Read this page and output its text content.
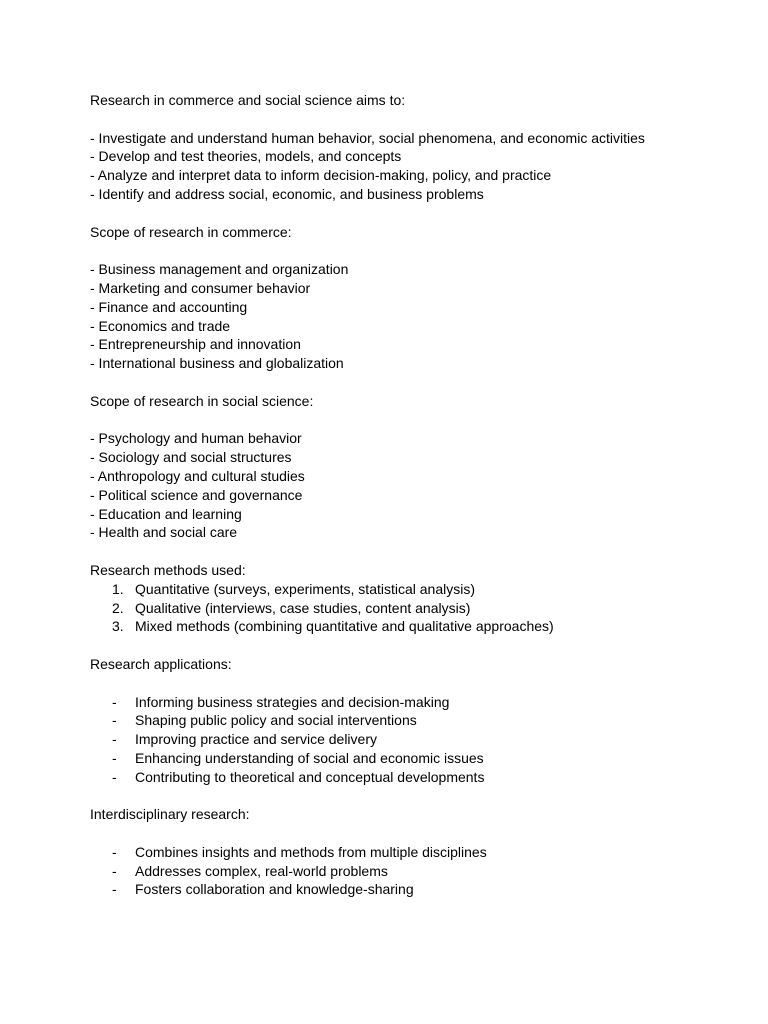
Research in commerce and social science aims to:
- Investigate and understand human behavior, social phenomena, and economic activities
- Develop and test theories, models, and concepts
- Analyze and interpret data to inform decision-making, policy, and practice
- Identify and address social, economic, and business problems
Scope of research in commerce:
- Business management and organization
- Marketing and consumer behavior
- Finance and accounting
- Economics and trade
- Entrepreneurship and innovation
- International business and globalization
Scope of research in social science:
- Psychology and human behavior
- Sociology and social structures
- Anthropology and cultural studies
- Political science and governance
- Education and learning
- Health and social care
Research methods used:
1. Quantitative (surveys, experiments, statistical analysis)
2. Qualitative (interviews, case studies, content analysis)
3. Mixed methods (combining quantitative and qualitative approaches)
Research applications:
-	Informing business strategies and decision-making
-	Shaping public policy and social interventions
-	Improving practice and service delivery
-	Enhancing understanding of social and economic issues
-	Contributing to theoretical and conceptual developments
Interdisciplinary research:
-	Combines insights and methods from multiple disciplines
-	Addresses complex, real-world problems
-	Fosters collaboration and knowledge-sharing
